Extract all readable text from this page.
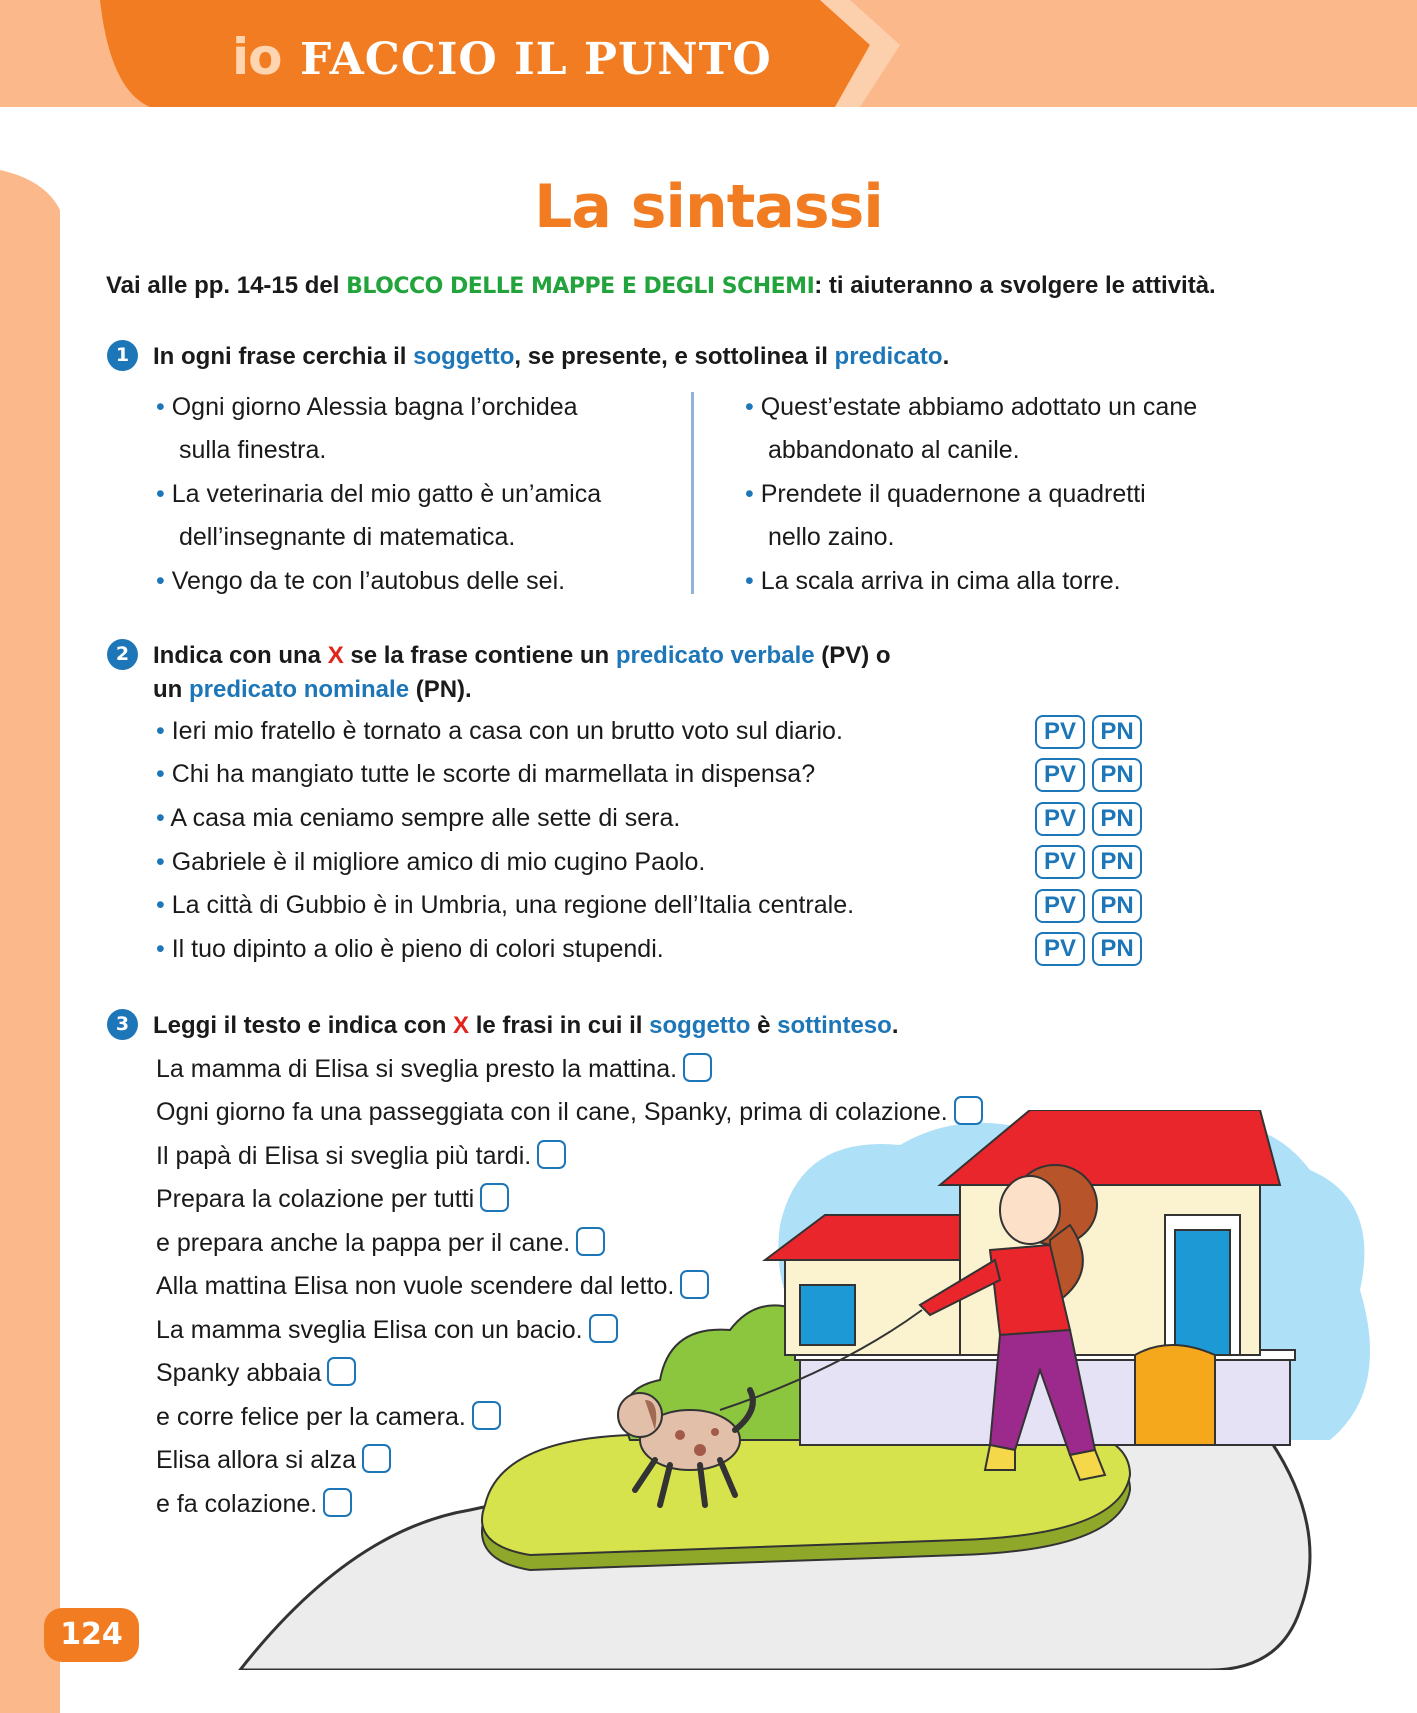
io FACCIO IL PUNTO
La sintassi
Vai alle pp. 14-15 del BLOCCO DELLE MAPPE E DEGLI SCHEMI: ti aiuteranno a svolgere le attività.
1 In ogni frase cerchia il soggetto, se presente, e sottolinea il predicato.
• Ogni giorno Alessia bagna l’orchidea
sulla finestra.
• La veterinaria del mio gatto è un’amica
dell’insegnante di matematica.
• Vengo da te con l’autobus delle sei.
• Quest’estate abbiamo adottato un cane
abbandonato al canile.
• Prendete il quadernone a quadretti
nello zaino.
• La scala arriva in cima alla torre.
2 Indica con una X se la frase contiene un predicato verbale (PV) o
un predicato nominale (PN).
• Ieri mio fratello è tornato a casa con un brutto voto sul diario.
• Chi ha mangiato tutte le scorte di marmellata in dispensa?
• A casa mia ceniamo sempre alle sette di sera.
• Gabriele è il migliore amico di mio cugino Paolo.
• La città di Gubbio è in Umbria, una regione dell’Italia centrale.
• Il tuo dipinto a olio è pieno di colori stupendi.
PV	PN
PV	PN
PV	PN
PV	PN
PV	PN
PV	PN
3 Leggi il testo e indica con X le frasi in cui il soggetto è sottinteso.
La mamma di Elisa si sveglia presto la mattina.
Ogni giorno fa una passeggiata con il cane, Spanky, prima di colazione.
Il papà di Elisa si sveglia più tardi.
Prepara la colazione per tutti
e prepara anche la pappa per il cane.
Alla mattina Elisa non vuole scendere dal letto.
La mamma sveglia Elisa con un bacio.
Spanky abbaia
e corre felice per la camera.
Elisa allora si alza
e fa colazione.
124
